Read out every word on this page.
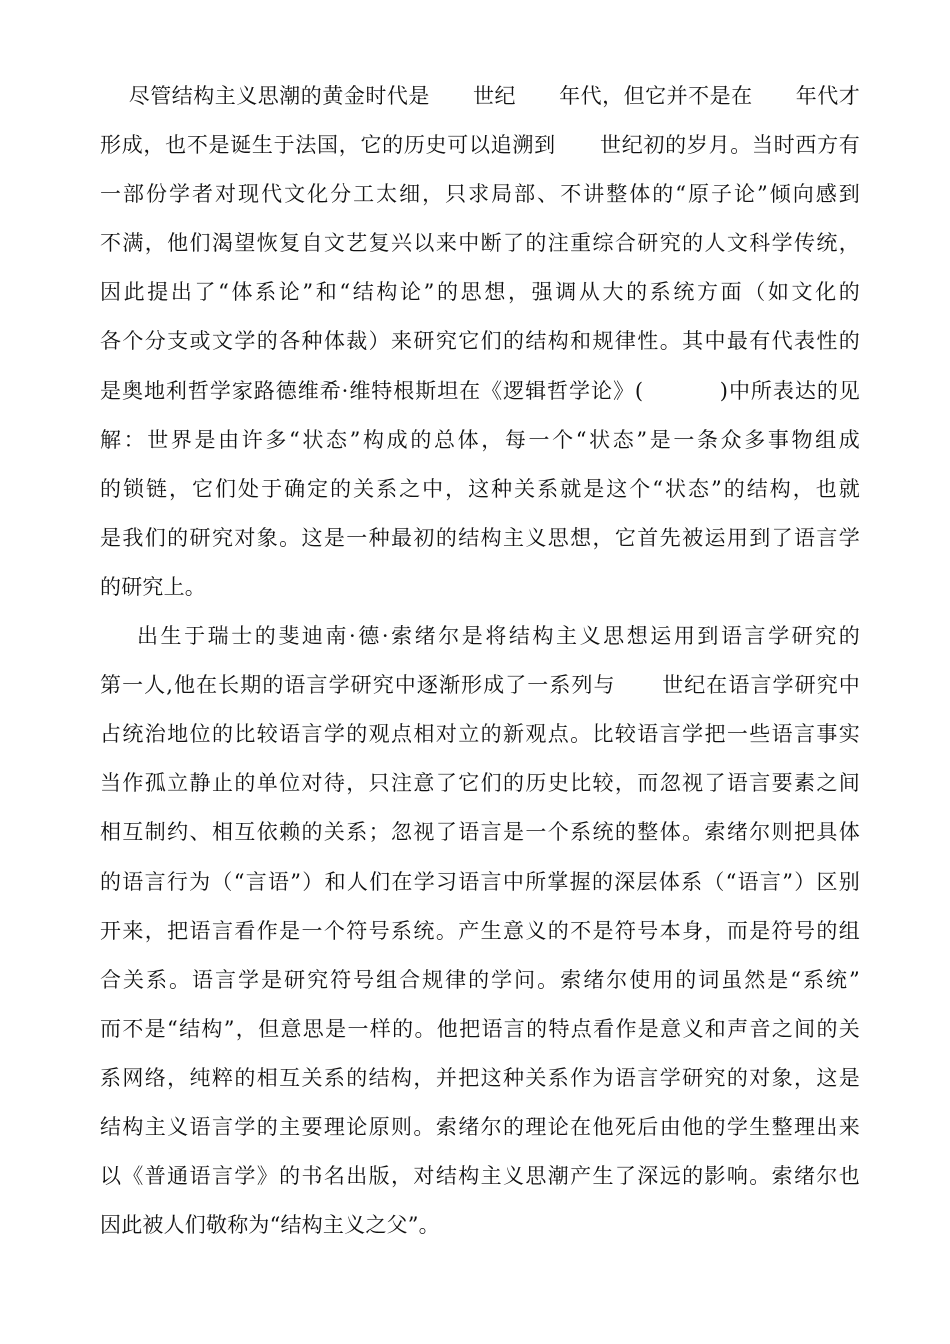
尽管结构主义思潮的黄金时代是      世纪      年代，但它并不是在      年代才
形成，也不是诞生于法国，它的历史可以追溯到      世纪初的岁月。当时西方有
一部份学者对现代文化分工太细，只求局部、不讲整体的“原子论”倾向感到
不满，他们渴望恢复自文艺复兴以来中断了的注重综合研究的人文科学传统，
因此提出了“体系论”和“结构论”的思想，强调从大的系统方面（如文化的
各个分支或文学的各种体裁）来研究它们的结构和规律性。其中最有代表性的
是奥地利哲学家路德维希·维特根斯坦在《逻辑哲学论》(          )中所表达的见
解：世界是由许多“状态”构成的总体，每一个“状态”是一条众多事物组成
的锁链，它们处于确定的关系之中，这种关系就是这个“状态”的结构，也就
是我们的研究对象。这是一种最初的结构主义思想，它首先被运用到了语言学
的研究上。
出生于瑞士的斐迪南·德·索绪尔是将结构主义思想运用到语言学研究的
第一人,他在长期的语言学研究中逐渐形成了一系列与      世纪在语言学研究中
占统治地位的比较语言学的观点相对立的新观点。比较语言学把一些语言事实
当作孤立静止的单位对待，只注意了它们的历史比较，而忽视了语言要素之间
相互制约、相互依赖的关系；忽视了语言是一个系统的整体。索绪尔则把具体
的语言行为（“言语”）和人们在学习语言中所掌握的深层体系（“语言”）区别
开来，把语言看作是一个符号系统。产生意义的不是符号本身，而是符号的组
合关系。语言学是研究符号组合规律的学问。索绪尔使用的词虽然是“系统”
而不是“结构”，但意思是一样的。他把语言的特点看作是意义和声音之间的关
系网络，纯粹的相互关系的结构，并把这种关系作为语言学研究的对象，这是
结构主义语言学的主要理论原则。索绪尔的理论在他死后由他的学生整理出来
以《普通语言学》的书名出版，对结构主义思潮产生了深远的影响。索绪尔也
因此被人们敬称为“结构主义之父”。
